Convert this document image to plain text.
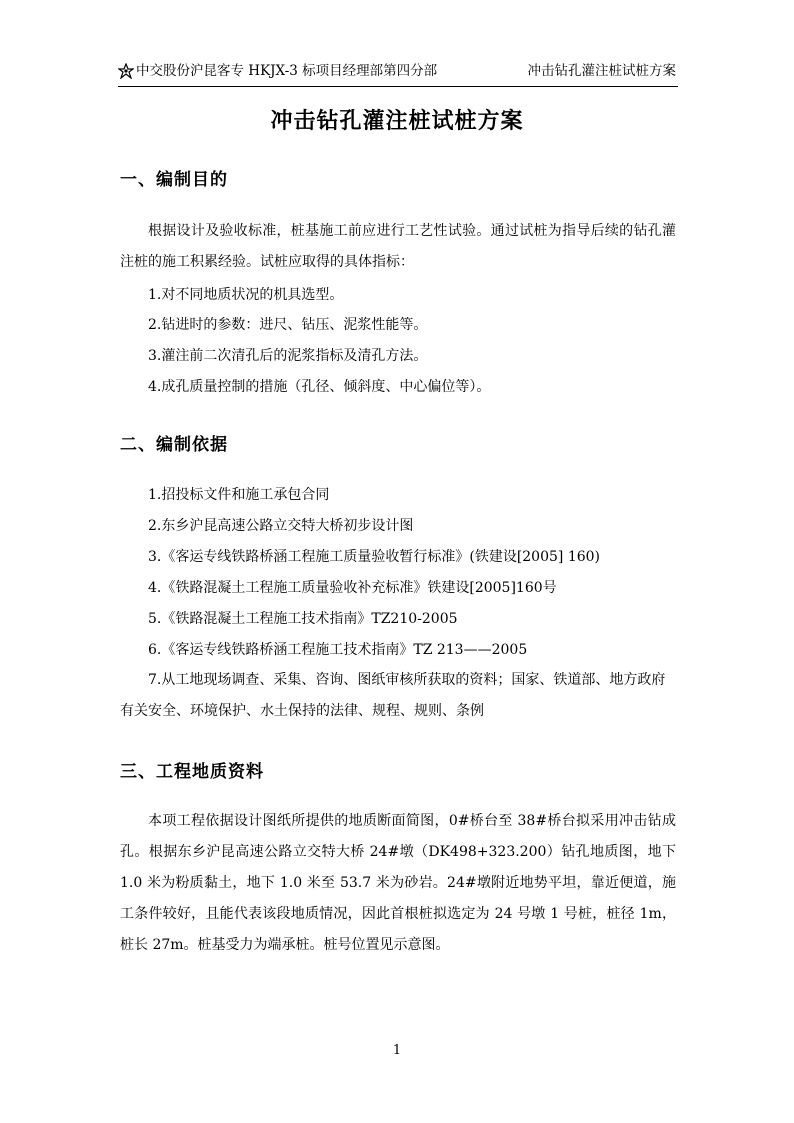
中交股份沪昆客专 HKJX-3 标项目经理部第四分部	冲击钻孔灌注桩试桩方案
冲击钻孔灌注桩试桩方案
一、编制目的
根据设计及验收标准，桩基施工前应进行工艺性试验。通过试桩为指导后续的钻孔灌注桩的施工积累经验。试桩应取得的具体指标：
1.对不同地质状况的机具选型。
2.钻进时的参数：进尺、钻压、泥浆性能等。
3.灌注前二次清孔后的泥浆指标及清孔方法。
4.成孔质量控制的措施（孔径、倾斜度、中心偏位等）。
二、编制依据
1.招投标文件和施工承包合同
2.东乡沪昆高速公路立交特大桥初步设计图
3.《客运专线铁路桥涵工程施工质量验收暂行标准》(铁建设[2005] 160)
4.《铁路混凝土工程施工质量验收补充标准》铁建设[2005]160号
5.《铁路混凝土工程施工技术指南》TZ210-2005
6.《客运专线铁路桥涵工程施工技术指南》TZ 213——2005
7.从工地现场调查、采集、咨询、图纸审核所获取的资料；国家、铁道部、地方政府有关安全、环境保护、水土保持的法律、规程、规则、条例
三、工程地质资料
本项工程依据设计图纸所提供的地质断面简图，0#桥台至 38#桥台拟采用冲击钻成孔。根据东乡沪昆高速公路立交特大桥 24#墩（DK498+323.200）钻孔地质图，地下 1.0 米为粉质黏土，地下 1.0 米至 53.7 米为砂岩。24#墩附近地势平坦，靠近便道，施工条件较好，且能代表该段地质情况，因此首根桩拟选定为 24 号墩 1 号桩，桩径 1m，桩长 27m。桩基受力为端承桩。桩号位置见示意图。
1
